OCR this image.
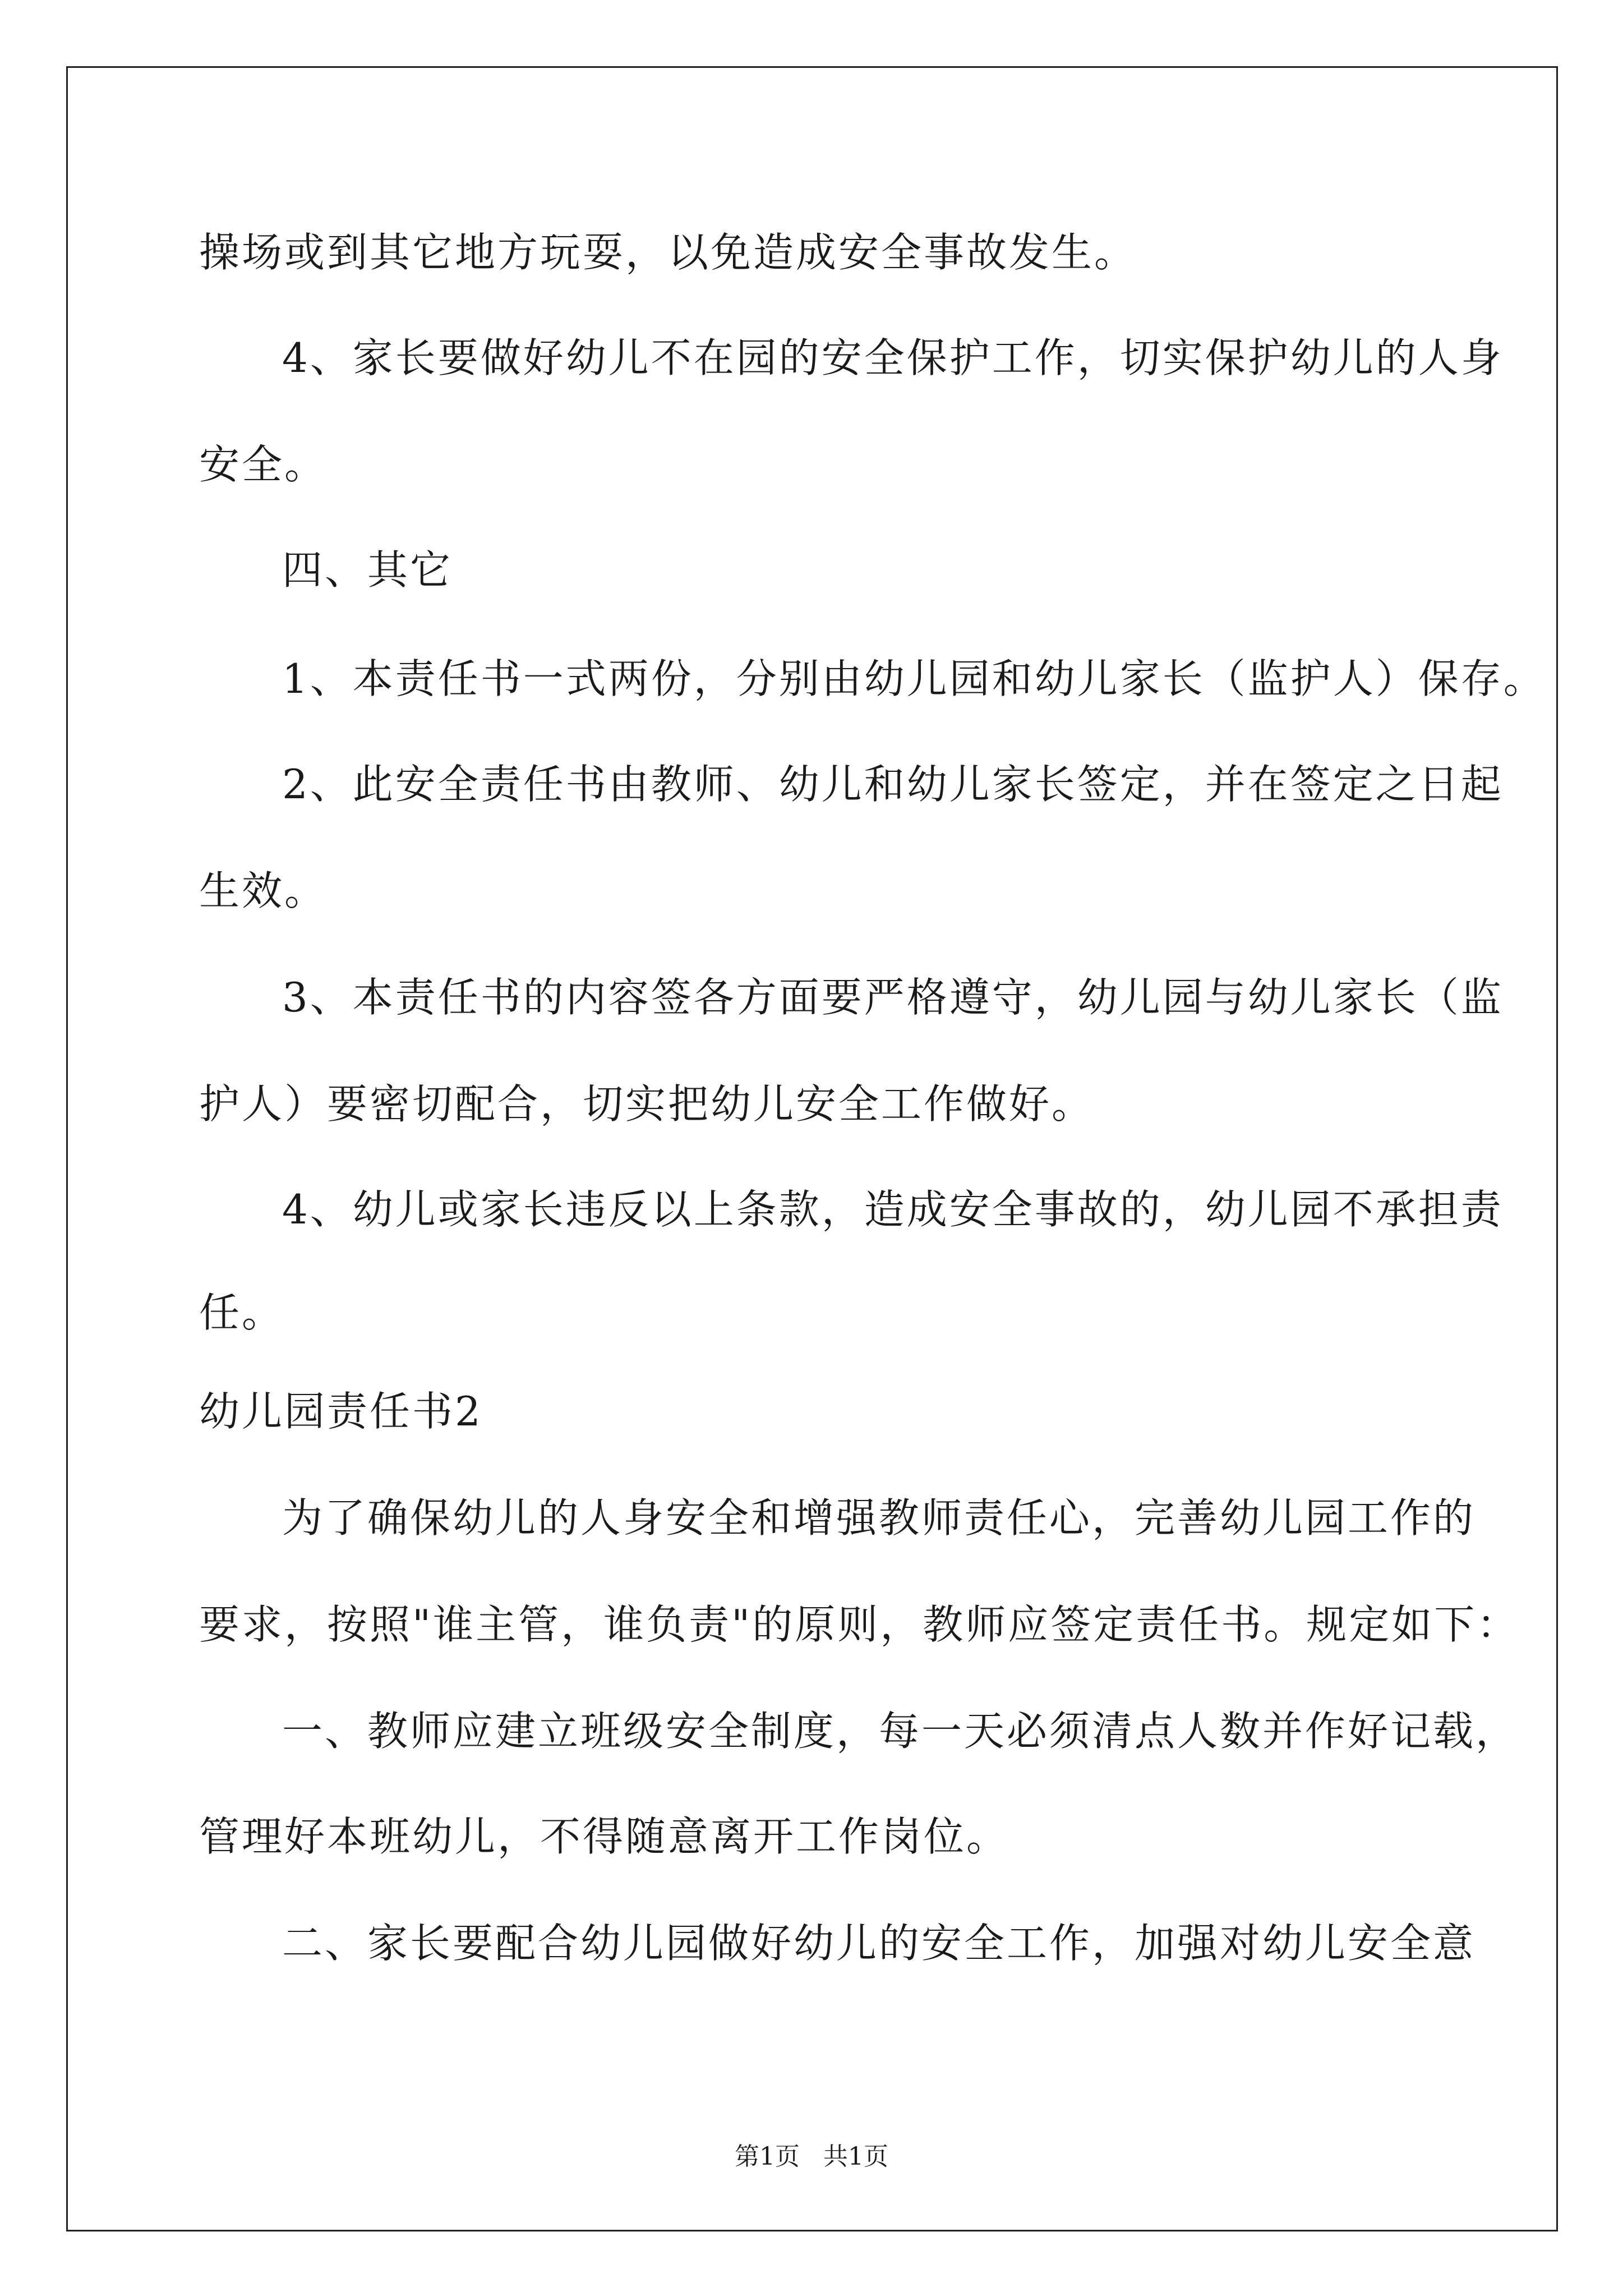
操场或到其它地方玩耍，以免造成安全事故发生。
4、家长要做好幼儿不在园的安全保护工作，切实保护幼儿的人身
安全。
四、其它
1、本责任书一式两份，分别由幼儿园和幼儿家长（监护人）保存。
2、此安全责任书由教师、幼儿和幼儿家长签定，并在签定之日起
生效。
3、本责任书的内容签各方面要严格遵守，幼儿园与幼儿家长（监
护人）要密切配合，切实把幼儿安全工作做好。
4、幼儿或家长违反以上条款，造成安全事故的，幼儿园不承担责
任。
幼儿园责任书2
为了确保幼儿的人身安全和增强教师责任心，完善幼儿园工作的
要求，按照"谁主管，谁负责"的原则，教师应签定责任书。规定如下：
一、教师应建立班级安全制度，每一天必须清点人数并作好记载，
管理好本班幼儿，不得随意离开工作岗位。
二、家长要配合幼儿园做好幼儿的安全工作，加强对幼儿安全意
第1页 共1页
